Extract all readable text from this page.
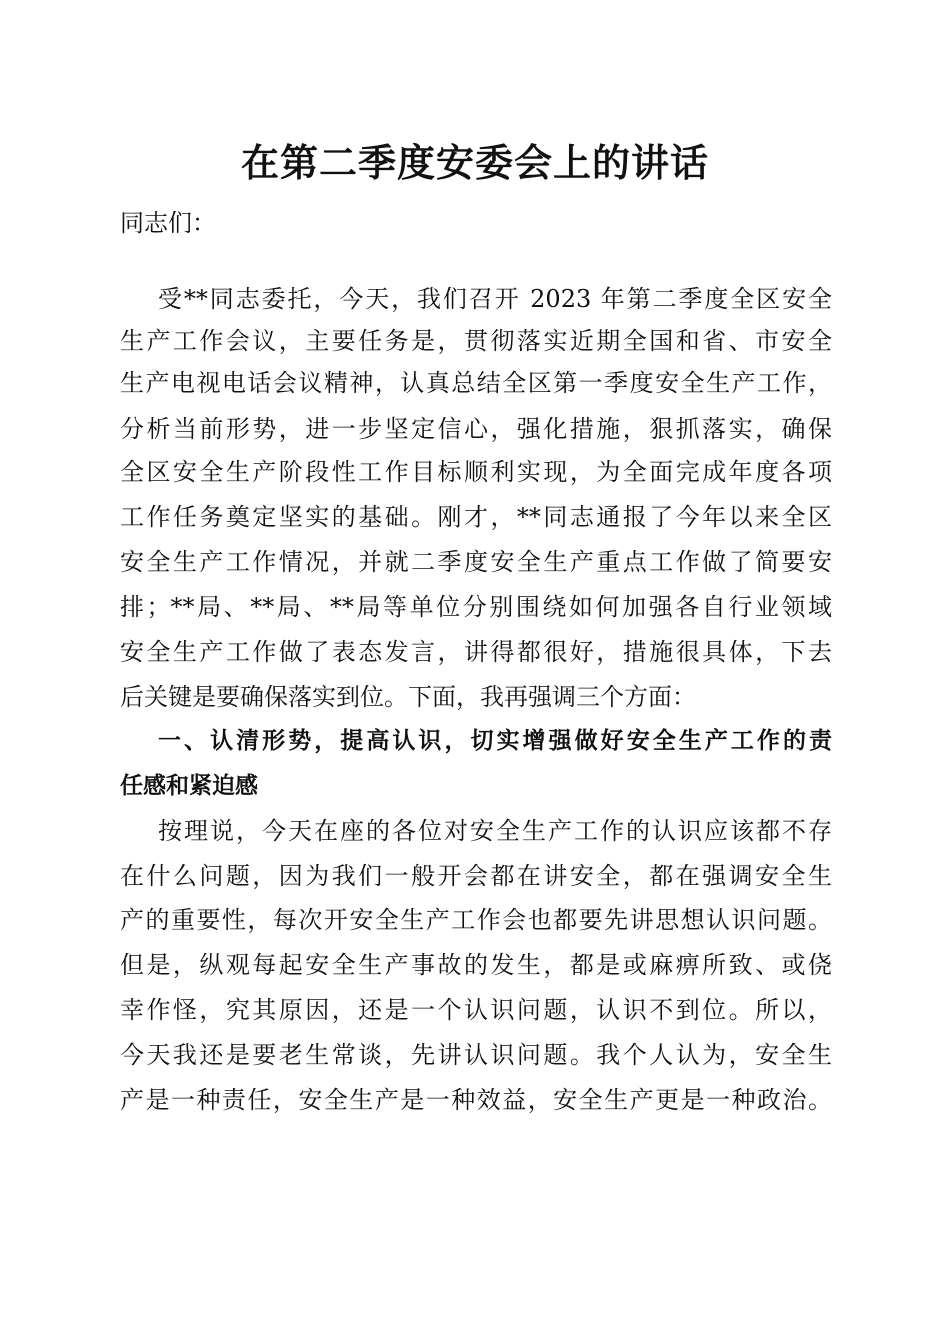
在第二季度安委会上的讲话
同志们：
受**同志委托，今天，我们召开 2023 年第二季度全区安全
生产工作会议，主要任务是，贯彻落实近期全国和省、市安全
生产电视电话会议精神，认真总结全区第一季度安全生产工作，
分析当前形势，进一步坚定信心，强化措施，狠抓落实，确保
全区安全生产阶段性工作目标顺利实现，为全面完成年度各项
工作任务奠定坚实的基础。刚才，**同志通报了今年以来全区
安全生产工作情况，并就二季度安全生产重点工作做了简要安
排；**局、**局、**局等单位分别围绕如何加强各自行业领域
安全生产工作做了表态发言，讲得都很好，措施很具体，下去
后关键是要确保落实到位。下面，我再强调三个方面：
一、认清形势，提高认识，切实增强做好安全生产工作的责
任感和紧迫感
按理说，今天在座的各位对安全生产工作的认识应该都不存
在什么问题，因为我们一般开会都在讲安全，都在强调安全生
产的重要性，每次开安全生产工作会也都要先讲思想认识问题。
但是，纵观每起安全生产事故的发生，都是或麻痹所致、或侥
幸作怪，究其原因，还是一个认识问题，认识不到位。所以，
今天我还是要老生常谈，先讲认识问题。我个人认为，安全生
产是一种责任，安全生产是一种效益，安全生产更是一种政治。
